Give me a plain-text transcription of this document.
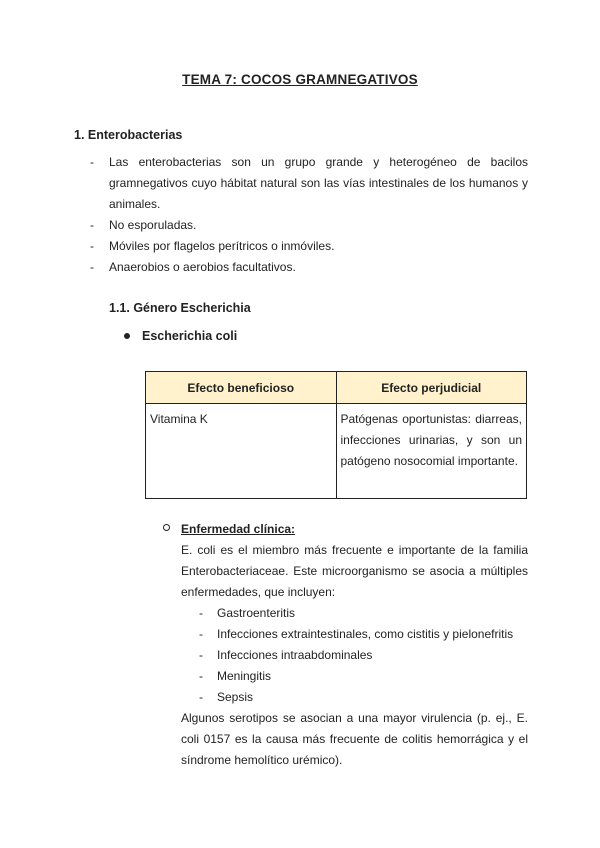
TEMA 7: COCOS GRAMNEGATIVOS
1. Enterobacterias
- Las enterobacterias son un grupo grande y heterogéneo de bacilos gramnegativos cuyo hábitat natural son las vías intestinales de los humanos y animales.
- No esporuladas.
- Móviles por flagelos perítricos o inmóviles.
- Anaerobios o aerobios facultativos.
1.1. Género Escherichia
Escherichia coli
Efecto beneficioso	Efecto perjudicial
Vitamina K	Patógenas oportunistas: diarreas, infecciones urinarias, y son un patógeno nosocomial importante.
Enfermedad clínica:
E. coli es el miembro más frecuente e importante de la familia Enterobacteriaceae. Este microorganismo se asocia a múltiples enfermedades, que incluyen:
- Gastroenteritis
- Infecciones extraintestinales, como cistitis y pielonefritis
- Infecciones intraabdominales
- Meningitis
- Sepsis
Algunos serotipos se asocian a una mayor virulencia (p. ej., E. coli 0157 es la causa más frecuente de colitis hemorrágica y el síndrome hemolítico urémico).
